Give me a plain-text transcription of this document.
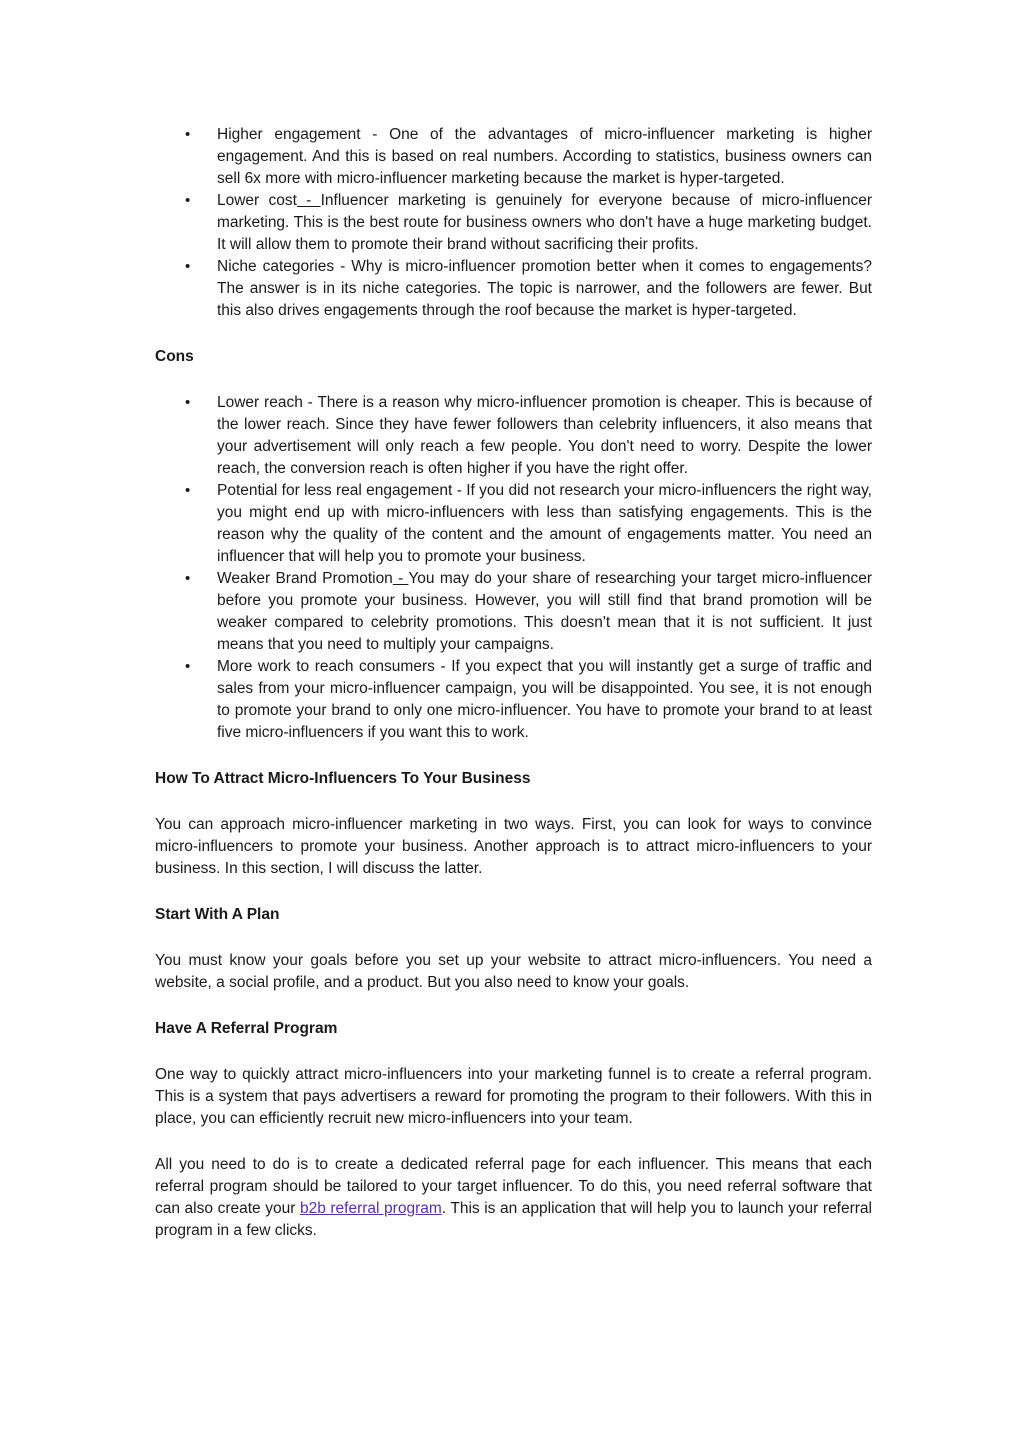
• Higher engagement - One of the advantages of micro-influencer marketing is higher engagement. And this is based on real numbers. According to statistics, business owners can sell 6x more with micro-influencer marketing because the market is hyper-targeted.
• Lower cost - Influencer marketing is genuinely for everyone because of micro-influencer marketing. This is the best route for business owners who don't have a huge marketing budget. It will allow them to promote their brand without sacrificing their profits.
• Niche categories - Why is micro-influencer promotion better when it comes to engagements? The answer is in its niche categories. The topic is narrower, and the followers are fewer. But this also drives engagements through the roof because the market is hyper-targeted.
Cons
• Lower reach - There is a reason why micro-influencer promotion is cheaper. This is because of the lower reach. Since they have fewer followers than celebrity influencers, it also means that your advertisement will only reach a few people. You don't need to worry. Despite the lower reach, the conversion reach is often higher if you have the right offer.
• Potential for less real engagement - If you did not research your micro-influencers the right way, you might end up with micro-influencers with less than satisfying engagements. This is the reason why the quality of the content and the amount of engagements matter. You need an influencer that will help you to promote your business.
• Weaker Brand Promotion - You may do your share of researching your target micro-influencer before you promote your business. However, you will still find that brand promotion will be weaker compared to celebrity promotions. This doesn't mean that it is not sufficient. It just means that you need to multiply your campaigns.
• More work to reach consumers - If you expect that you will instantly get a surge of traffic and sales from your micro-influencer campaign, you will be disappointed. You see, it is not enough to promote your brand to only one micro-influencer. You have to promote your brand to at least five micro-influencers if you want this to work.
How To Attract Micro-Influencers To Your Business

You can approach micro-influencer marketing in two ways. First, you can look for ways to convince micro-influencers to promote your business. Another approach is to attract micro-influencers to your business. In this section, I will discuss the latter.

Start With A Plan

You must know your goals before you set up your website to attract micro-influencers. You need a website, a social profile, and a product. But you also need to know your goals.

Have A Referral Program

One way to quickly attract micro-influencers into your marketing funnel is to create a referral program. This is a system that pays advertisers a reward for promoting the program to their followers. With this in place, you can efficiently recruit new micro-influencers into your team.

All you need to do is to create a dedicated referral page for each influencer. This means that each referral program should be tailored to your target influencer. To do this, you need referral software that can also create your b2b referral program. This is an application that will help you to launch your referral program in a few clicks.
